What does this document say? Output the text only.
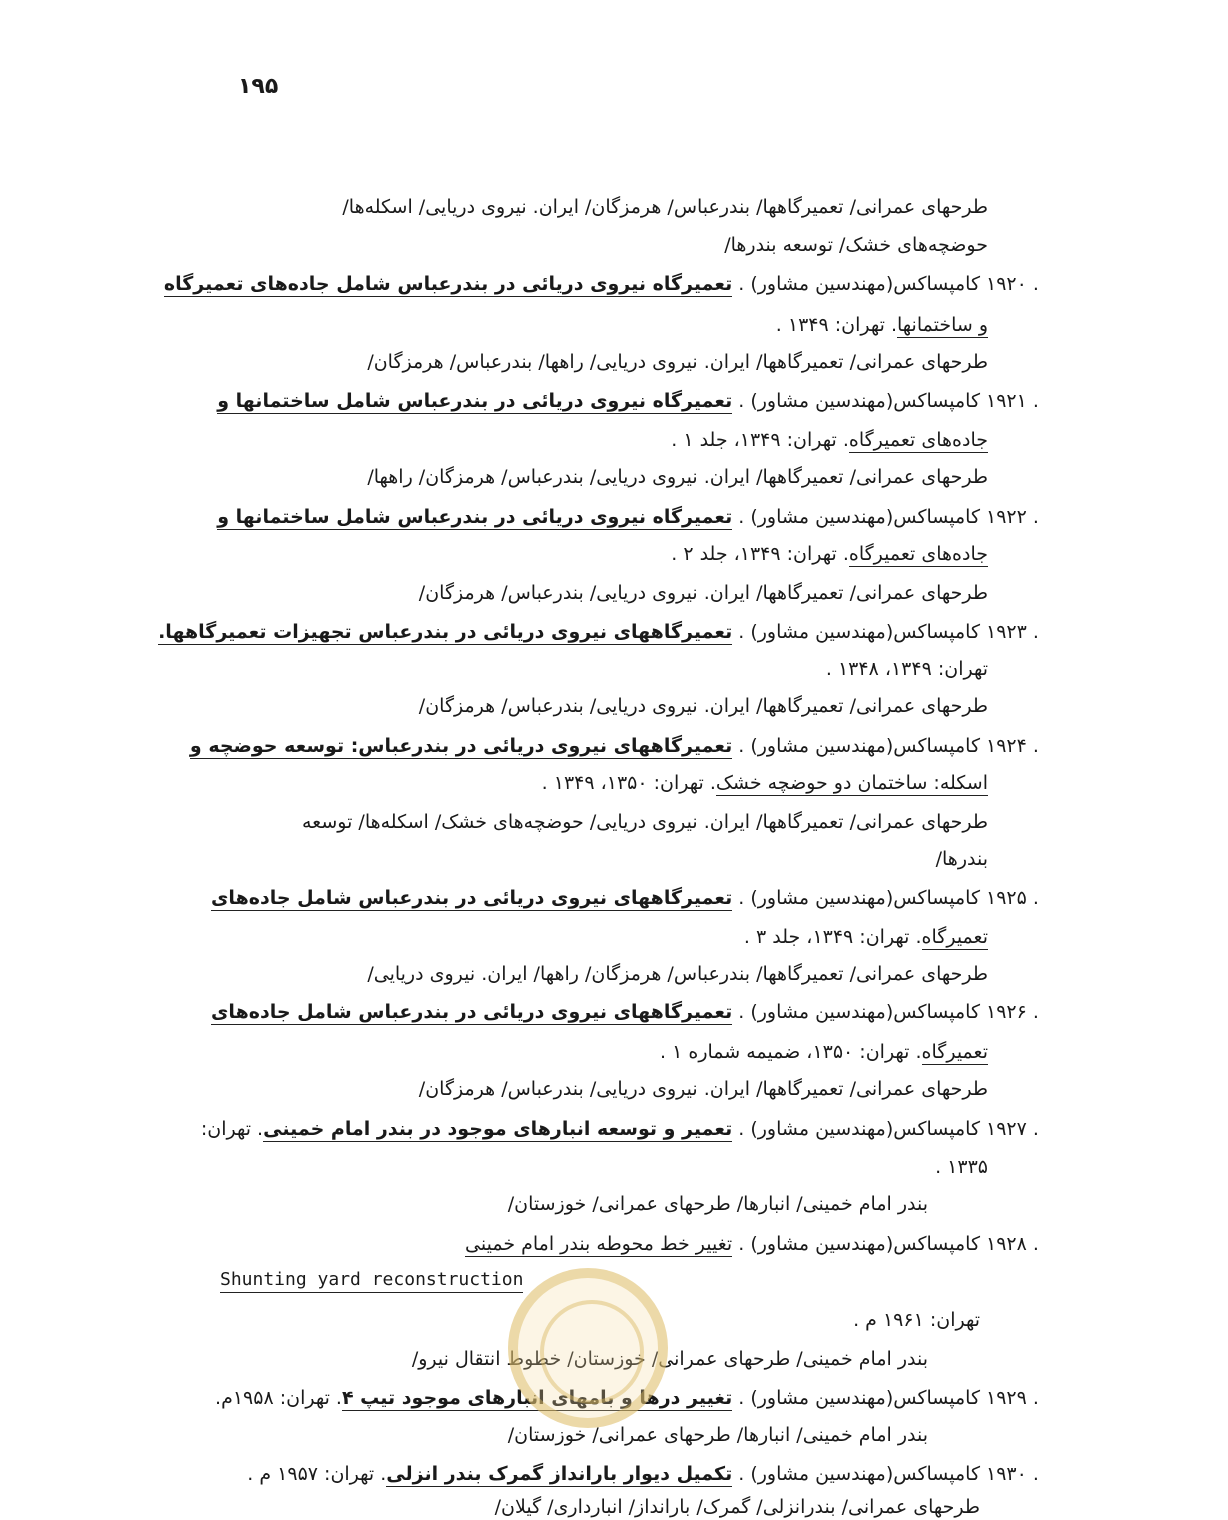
۱۹۵
طرحهای عمرانی/ تعمیرگاهها/ بندرعباس/ هرمزگان/ ایران. نیروی دریایی/ اسکله‌ها/
حوضچه‌های خشک/ توسعه بندرها/
۱۹۲۰ .
کامپساکس(مهندسین مشاور) . تعمیرگاه نیروی دریائی در بندرعباس شامل جاده‌های تعمیرگاه
و ساختمانها. تهران: ۱۳۴۹ .
طرحهای عمرانی/ تعمیرگاهها/ ایران. نیروی دریایی/ راهها/ بندرعباس/ هرمزگان/
۱۹۲۱ .
کامپساکس(مهندسین مشاور) . تعمیرگاه نیروی دریائی در بندرعباس شامل ساختمانها و
جاده‌های تعمیرگاه. تهران: ۱۳۴۹، جلد ۱ .
طرحهای عمرانی/ تعمیرگاهها/ ایران. نیروی دریایی/ بندرعباس/ هرمزگان/ راهها/
۱۹۲۲ .
کامپساکس(مهندسین مشاور) . تعمیرگاه نیروی دریائی در بندرعباس شامل ساختمانها و
جاده‌های تعمیرگاه. تهران: ۱۳۴۹، جلد ۲ .
طرحهای عمرانی/ تعمیرگاهها/ ایران. نیروی دریایی/ بندرعباس/ هرمزگان/
۱۹۲۳ .
کامپساکس(مهندسین مشاور) . تعمیرگاههای نیروی دریائی در بندرعباس تجهیزات تعمیرگاهها.
تهران: ۱۳۴۹، ۱۳۴۸ .
طرحهای عمرانی/ تعمیرگاهها/ ایران. نیروی دریایی/ بندرعباس/ هرمزگان/
۱۹۲۴ .
کامپساکس(مهندسین مشاور) . تعمیرگاههای نیروی دریائی در بندرعباس: توسعه حوضچه و
اسکله: ساختمان دو حوضچه خشک. تهران: ۱۳۵۰، ۱۳۴۹ .
طرحهای عمرانی/ تعمیرگاهها/ ایران. نیروی دریایی/ حوضچه‌های خشک/ اسکله‌ها/ توسعه
بندرها/
۱۹۲۵ .
کامپساکس(مهندسین مشاور) . تعمیرگاههای نیروی دریائی در بندرعباس شامل جاده‌های
تعمیرگاه. تهران: ۱۳۴۹، جلد ۳ .
طرحهای عمرانی/ تعمیرگاهها/ بندرعباس/ هرمزگان/ راهها/ ایران. نیروی دریایی/
۱۹۲۶ .
کامپساکس(مهندسین مشاور) . تعمیرگاههای نیروی دریائی در بندرعباس شامل جاده‌های
تعمیرگاه. تهران: ۱۳۵۰، ضمیمه شماره ۱ .
طرحهای عمرانی/ تعمیرگاهها/ ایران. نیروی دریایی/ بندرعباس/ هرمزگان/
۱۹۲۷ .
کامپساکس(مهندسین مشاور) . تعمیر و توسعه انبارهای موجود در بندر امام خمینی. تهران:
۱۳۳۵ .
بندر امام خمینی/ انبارها/ طرحهای عمرانی/ خوزستان/
۱۹۲۸ .
کامپساکس(مهندسین مشاور) . تغییر خط محوطه بندر امام خمینی
Shunting yard reconstruction
تهران: ۱۹۶۱ م .
بندر امام خمینی/ طرحهای عمرانی/ خوزستان/ خطوط انتقال نیرو/
۱۹۲۹ .
کامپساکس(مهندسین مشاور) . تغییر درها و بامهای انبارهای موجود تیپ ۴. تهران: ۱۹۵۸م.
بندر امام خمینی/ انبارها/ طرحهای عمرانی/ خوزستان/
۱۹۳۰ .
کامپساکس(مهندسین مشاور) . تکمیل دیوار بارانداز گمرک بندر انزلی. تهران: ۱۹۵۷ م .
طرحهای عمرانی/ بندرانزلی/ گمرک/ بارانداز/ انبارداری/ گیلان/
